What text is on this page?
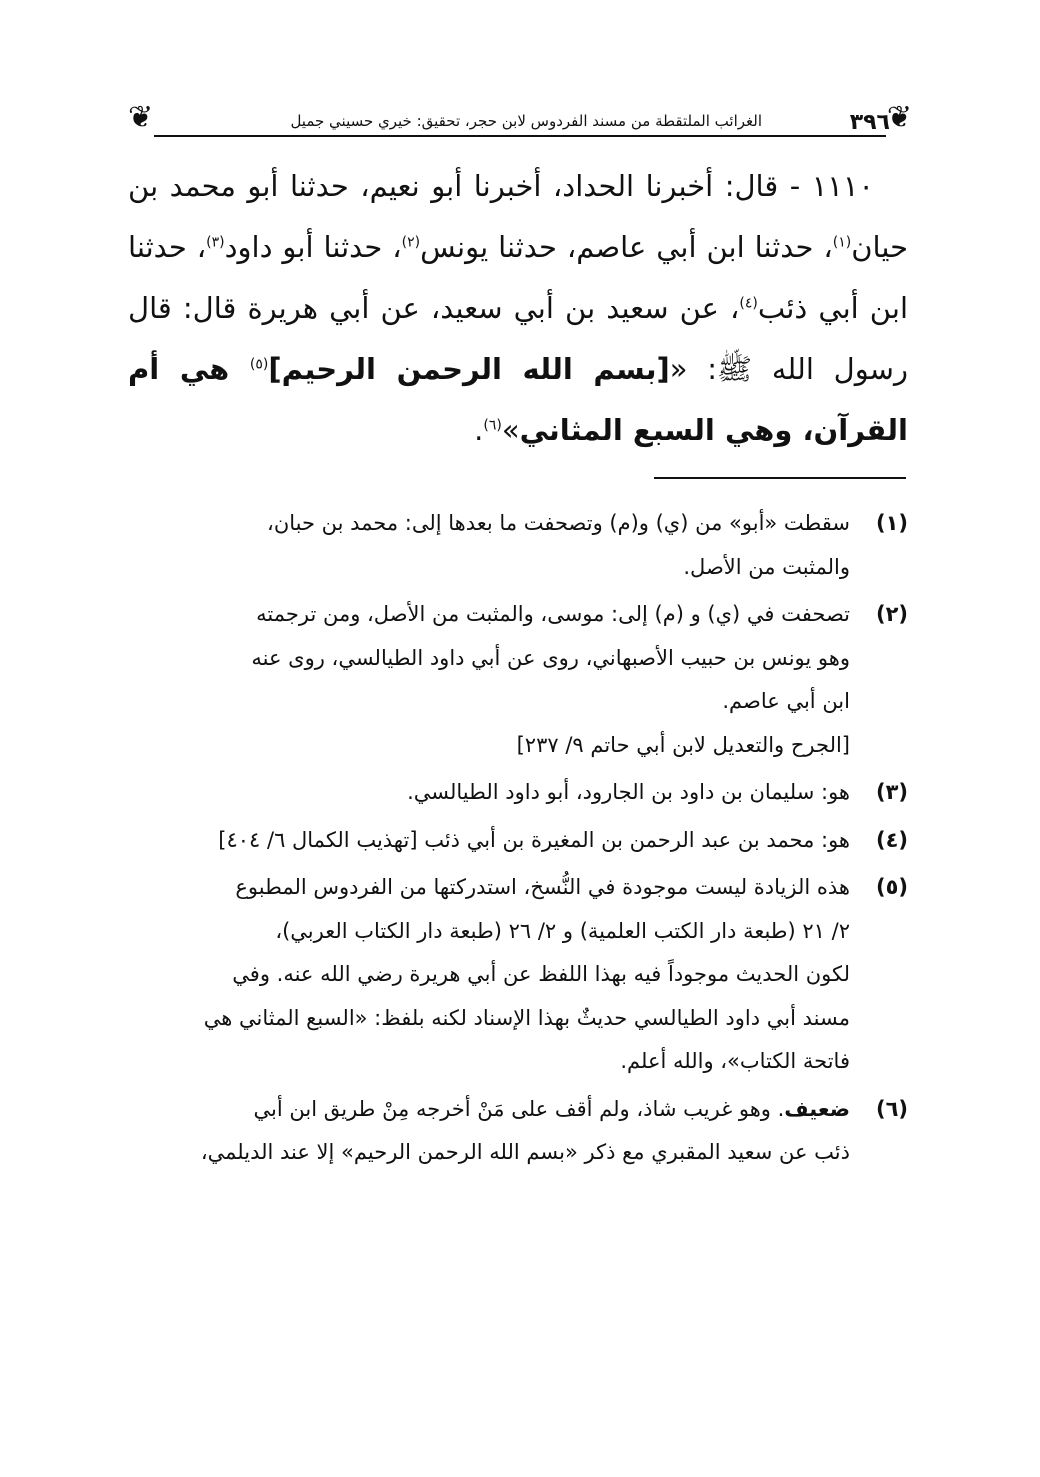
❦
٣٩٦
الغرائب الملتقطة من مسند الفردوس لابن حجر، تحقيق: خيري حسيني جميل
❦

١١١٠ - قال: أخبرنا الحداد، أخبرنا أبو نعيم، حدثنا أبو محمد بن حيان$^{(١)}$، حدثنا ابن أبي عاصم، حدثنا يونس$^{(٢)}$، حدثنا أبو داود$^{(٣)}$، حدثنا ابن أبي ذئب$^{(٤)}$، عن سعيد بن أبي سعيد، عن أبي هريرة قال: قال رسول الله ﷺ: «[بسم الله الرحمن الرحيم]$^{(٥)}$ هي أم القرآن، وهي السبع المثاني»$^{(٦)}$.

(١)
سقطت «أبو» من (ي) و(م) وتصحفت ما بعدها إلى: محمد بن حبان،
والمثبت من الأصل.
(٢)
تصحفت في (ي) و (م) إلى: موسى، والمثبت من الأصل، ومن ترجمته
وهو يونس بن حبيب الأصبهاني، روى عن أبي داود الطيالسي، روى عنه
ابن أبي عاصم.
[الجرح والتعديل لابن أبي حاتم ٩/ ٢٣٧]
(٣)
هو: سليمان بن داود بن الجارود، أبو داود الطيالسي.
(٤)
هو: محمد بن عبد الرحمن بن المغيرة بن أبي ذئب [تهذيب الكمال ٦/ ٤٠٤]
(٥)
هذه الزيادة ليست موجودة في النُّسخ، استدركتها من الفردوس المطبوع
٢/ ٢١ (طبعة دار الكتب العلمية) و ٢/ ٢٦ (طبعة دار الكتاب العربي)،
لكون الحديث موجوداً فيه بهذا اللفظ عن أبي هريرة رضي الله عنه. وفي
مسند أبي داود الطيالسي حديثٌ بهذا الإسناد لكنه بلفظ: «السبع المثاني هي
فاتحة الكتاب»، والله أعلم.
(٦)
ضعيف. وهو غريب شاذ، ولم أقف على مَنْ أخرجه مِنْ طريق ابن أبي
ذئب عن سعيد المقبري مع ذكر «بسم الله الرحمن الرحيم» إلا عند الديلمي،
